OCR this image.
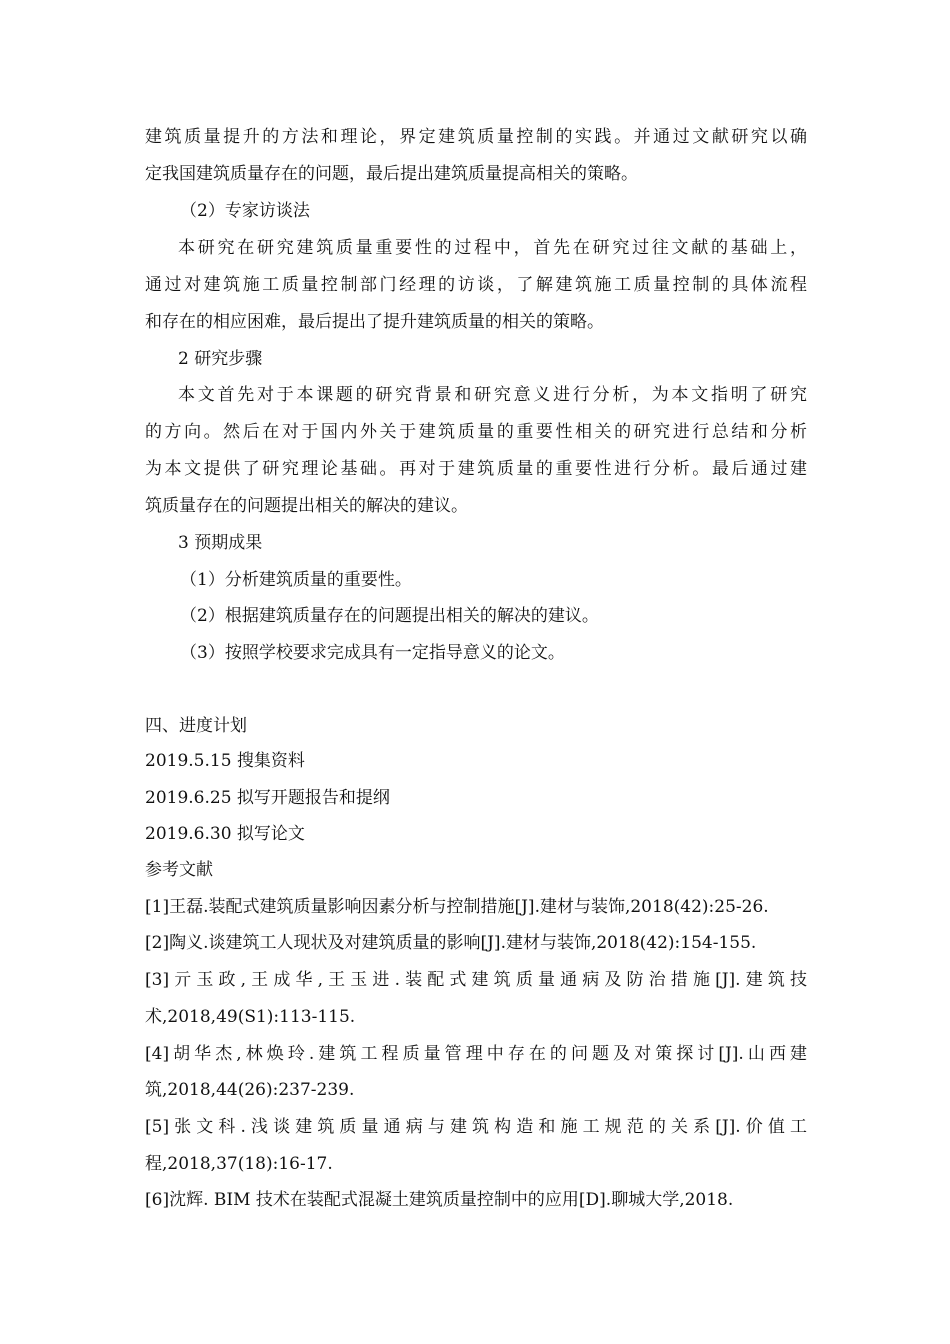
建筑质量提升的方法和理论，界定建筑质量控制的实践。并通过文献研究以确
定我国建筑质量存在的问题，最后提出建筑质量提高相关的策略。
（2）专家访谈法
本研究在研究建筑质量重要性的过程中，首先在研究过往文献的基础上，
通过对建筑施工质量控制部门经理的访谈，了解建筑施工质量控制的具体流程
和存在的相应困难，最后提出了提升建筑质量的相关的策略。
2 研究步骤
本文首先对于本课题的研究背景和研究意义进行分析，为本文指明了研究
的方向。然后在对于国内外关于建筑质量的重要性相关的研究进行总结和分析
为本文提供了研究理论基础。再对于建筑质量的重要性进行分析。最后通过建
筑质量存在的问题提出相关的解决的建议。
3 预期成果
（1）分析建筑质量的重要性。
（2）根据建筑质量存在的问题提出相关的解决的建议。
（3）按照学校要求完成具有一定指导意义的论文。
四、进度计划
2019.5.15 搜集资料
2019.6.25 拟写开题报告和提纲
2019.6.30 拟写论文
参考文献
[1]王磊.装配式建筑质量影响因素分析与控制措施[J].建材与装饰,2018(42):25-26.
[2]陶义.谈建筑工人现状及对建筑质量的影响[J].建材与装饰,2018(42):154-155.
[3]亓玉政,王成华,王玉进.装配式建筑质量通病及防治措施[J].建筑技
术,2018,49(S1):113-115.
[4]胡华杰,林焕玲.建筑工程质量管理中存在的问题及对策探讨[J].山西建
筑,2018,44(26):237-239.
[5]张文科.浅谈建筑质量通病与建筑构造和施工规范的关系[J].价值工
程,2018,37(18):16-17.
[6]沈辉. BIM 技术在装配式混凝土建筑质量控制中的应用[D].聊城大学,2018.
